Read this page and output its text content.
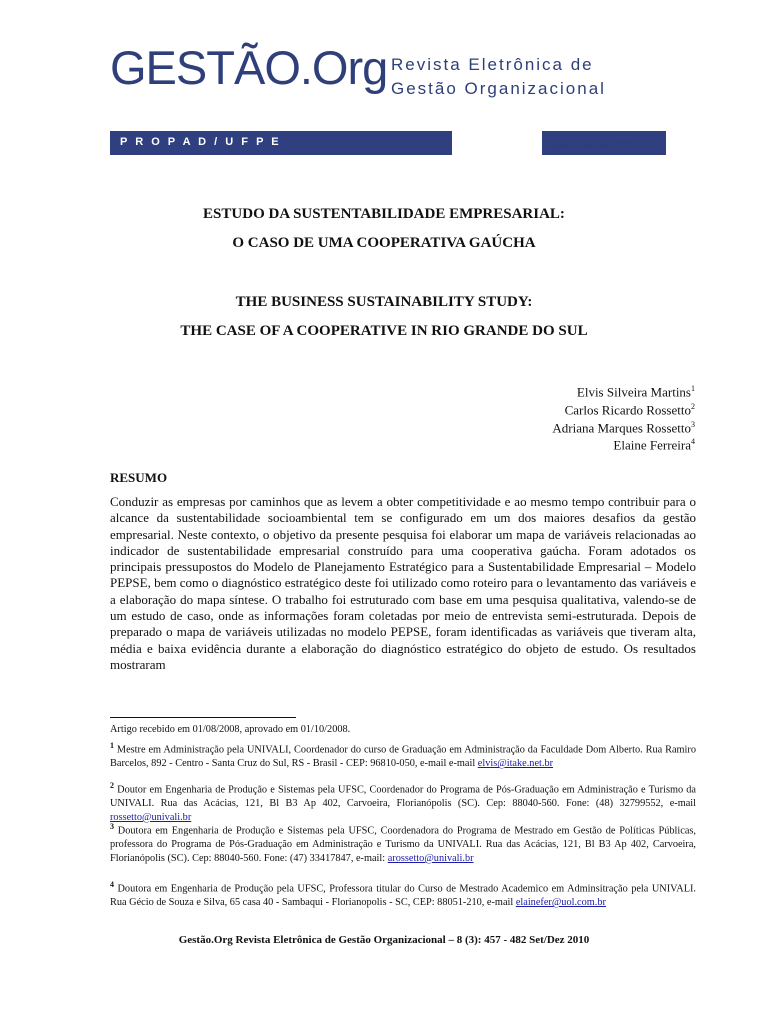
GESTÃO.Org Revista Eletrônica de
Gestão Organizacional
P R O P A D / U F P E	ISSN 1679-1827
ESTUDO DA SUSTENTABILIDADE EMPRESARIAL:
O CASO DE UMA COOPERATIVA GAÚCHA
THE BUSINESS SUSTAINABILITY STUDY:
THE CASE OF A COOPERATIVE IN RIO GRANDE DO SUL
Elvis Silveira Martins$^1$
Carlos Ricardo Rossetto$^2$
Adriana Marques Rossetto$^3$
Elaine Ferreira$^4$
RESUMO
Conduzir as empresas por caminhos que as levem a obter competitividade e ao mesmo tempo contribuir para o alcance da sustentabilidade socioambiental tem se configurado em um dos maiores desafios da gestão empresarial. Neste contexto, o objetivo da presente pesquisa foi elaborar um mapa de variáveis relacionadas ao indicador de sustentabilidade empresarial construído para uma cooperativa gaúcha. Foram adotados os principais pressupostos do Modelo de Planejamento Estratégico para a Sustentabilidade Empresarial – Modelo PEPSE, bem como o diagnóstico estratégico deste foi utilizado como roteiro para o levantamento das variáveis e a elaboração do mapa síntese. O trabalho foi estruturado com base em uma pesquisa qualitativa, valendo-se de um estudo de caso, onde as informações foram coletadas por meio de entrevista semi-estruturada. Depois de preparado o mapa de variáveis utilizadas no modelo PEPSE, foram identificadas as variáveis que tiveram alta, média e baixa evidência durante a elaboração do diagnóstico estratégico do objeto de estudo. Os resultados mostraram
Artigo recebido em 01/08/2008, aprovado em 01/10/2008.
$^1$ Mestre em Administração pela UNIVALI, Coordenador do curso de Graduação em Administração da Faculdade Dom Alberto. Rua Ramiro Barcelos, 892 - Centro - Santa Cruz do Sul, RS - Brasil - CEP: 96810-050, e-mail e-mail elvis@itake.net.br
$^2$ Doutor em Engenharia de Produção e Sistemas pela UFSC, Coordenador do Programa de Pós-Graduação em Administração e Turismo da UNIVALI. Rua das Acácias, 121, Bl B3 Ap 402, Carvoeira, Florianópolis (SC). Cep: 88040-560. Fone: (48) 32799552, e-mail rossetto@univali.br
$^3$ Doutora em Engenharia de Produção e Sistemas pela UFSC, Coordenadora do Programa de Mestrado em Gestão de Políticas Públicas, professora do Programa de Pós-Graduação em Administração e Turismo da UNIVALI. Rua das Acácias, 121, Bl B3 Ap 402, Carvoeira, Florianópolis (SC). Cep: 88040-560. Fone: (47) 33417847, e-mail: arossetto@univali.br
$^4$ Doutora em Engenharia de Produção pela UFSC, Professora titular do Curso de Mestrado Academico em Adminsitração pela UNIVALI. Rua Gécio de Souza e Silva, 65 casa 40 - Sambaqui - Florianopolis - SC, CEP: 88051-210, e-mail elainefer@uol.com.br
Gestão.Org Revista Eletrônica de Gestão Organizacional – 8 (3): 457 - 482 Set/Dez 2010
